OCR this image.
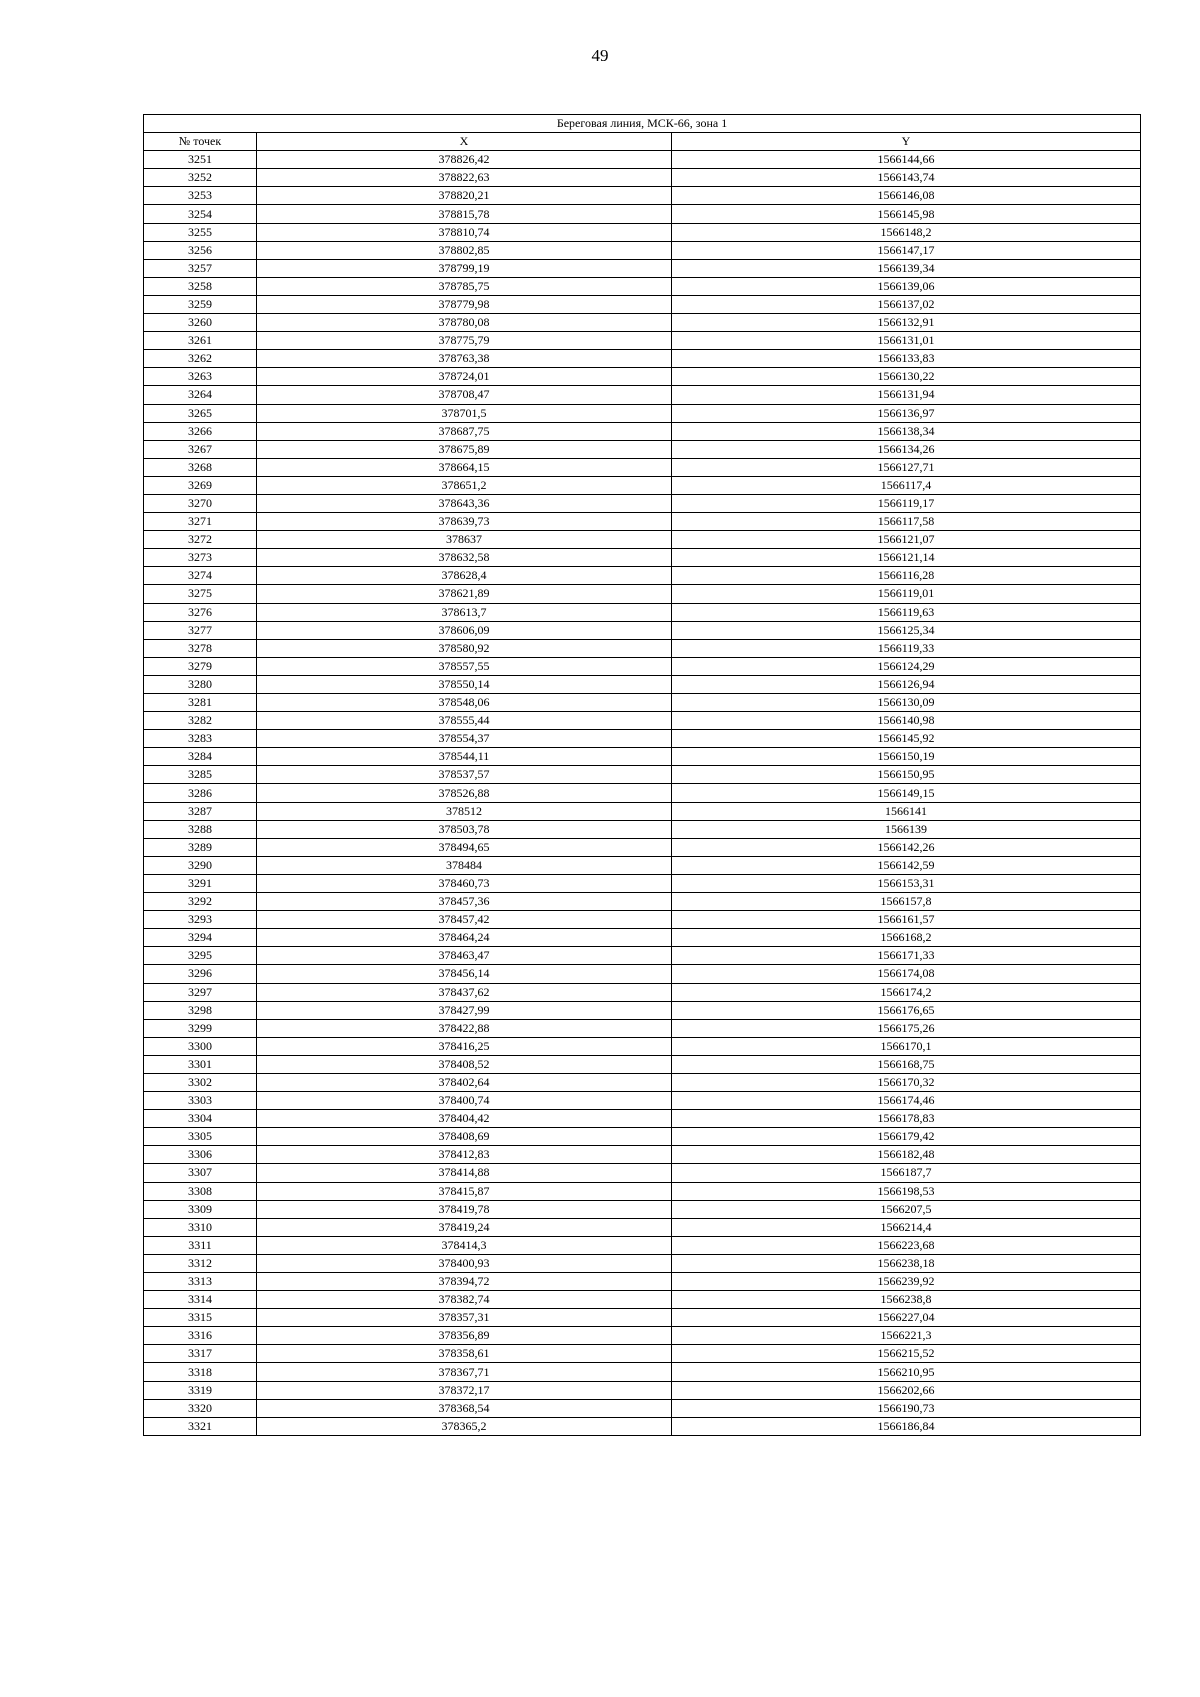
49
Береговая линия, МСК-66, зона 1		
№ точек	X	Y
3251	378826,42	1566144,66
3252	378822,63	1566143,74
3253	378820,21	1566146,08
3254	378815,78	1566145,98
3255	378810,74	1566148,2
3256	378802,85	1566147,17
3257	378799,19	1566139,34
3258	378785,75	1566139,06
3259	378779,98	1566137,02
3260	378780,08	1566132,91
3261	378775,79	1566131,01
3262	378763,38	1566133,83
3263	378724,01	1566130,22
3264	378708,47	1566131,94
3265	378701,5	1566136,97
3266	378687,75	1566138,34
3267	378675,89	1566134,26
3268	378664,15	1566127,71
3269	378651,2	1566117,4
3270	378643,36	1566119,17
3271	378639,73	1566117,58
3272	378637	1566121,07
3273	378632,58	1566121,14
3274	378628,4	1566116,28
3275	378621,89	1566119,01
3276	378613,7	1566119,63
3277	378606,09	1566125,34
3278	378580,92	1566119,33
3279	378557,55	1566124,29
3280	378550,14	1566126,94
3281	378548,06	1566130,09
3282	378555,44	1566140,98
3283	378554,37	1566145,92
3284	378544,11	1566150,19
3285	378537,57	1566150,95
3286	378526,88	1566149,15
3287	378512	1566141
3288	378503,78	1566139
3289	378494,65	1566142,26
3290	378484	1566142,59
3291	378460,73	1566153,31
3292	378457,36	1566157,8
3293	378457,42	1566161,57
3294	378464,24	1566168,2
3295	378463,47	1566171,33
3296	378456,14	1566174,08
3297	378437,62	1566174,2
3298	378427,99	1566176,65
3299	378422,88	1566175,26
3300	378416,25	1566170,1
3301	378408,52	1566168,75
3302	378402,64	1566170,32
3303	378400,74	1566174,46
3304	378404,42	1566178,83
3305	378408,69	1566179,42
3306	378412,83	1566182,48
3307	378414,88	1566187,7
3308	378415,87	1566198,53
3309	378419,78	1566207,5
3310	378419,24	1566214,4
3311	378414,3	1566223,68
3312	378400,93	1566238,18
3313	378394,72	1566239,92
3314	378382,74	1566238,8
3315	378357,31	1566227,04
3316	378356,89	1566221,3
3317	378358,61	1566215,52
3318	378367,71	1566210,95
3319	378372,17	1566202,66
3320	378368,54	1566190,73
3321	378365,2	1566186,84
